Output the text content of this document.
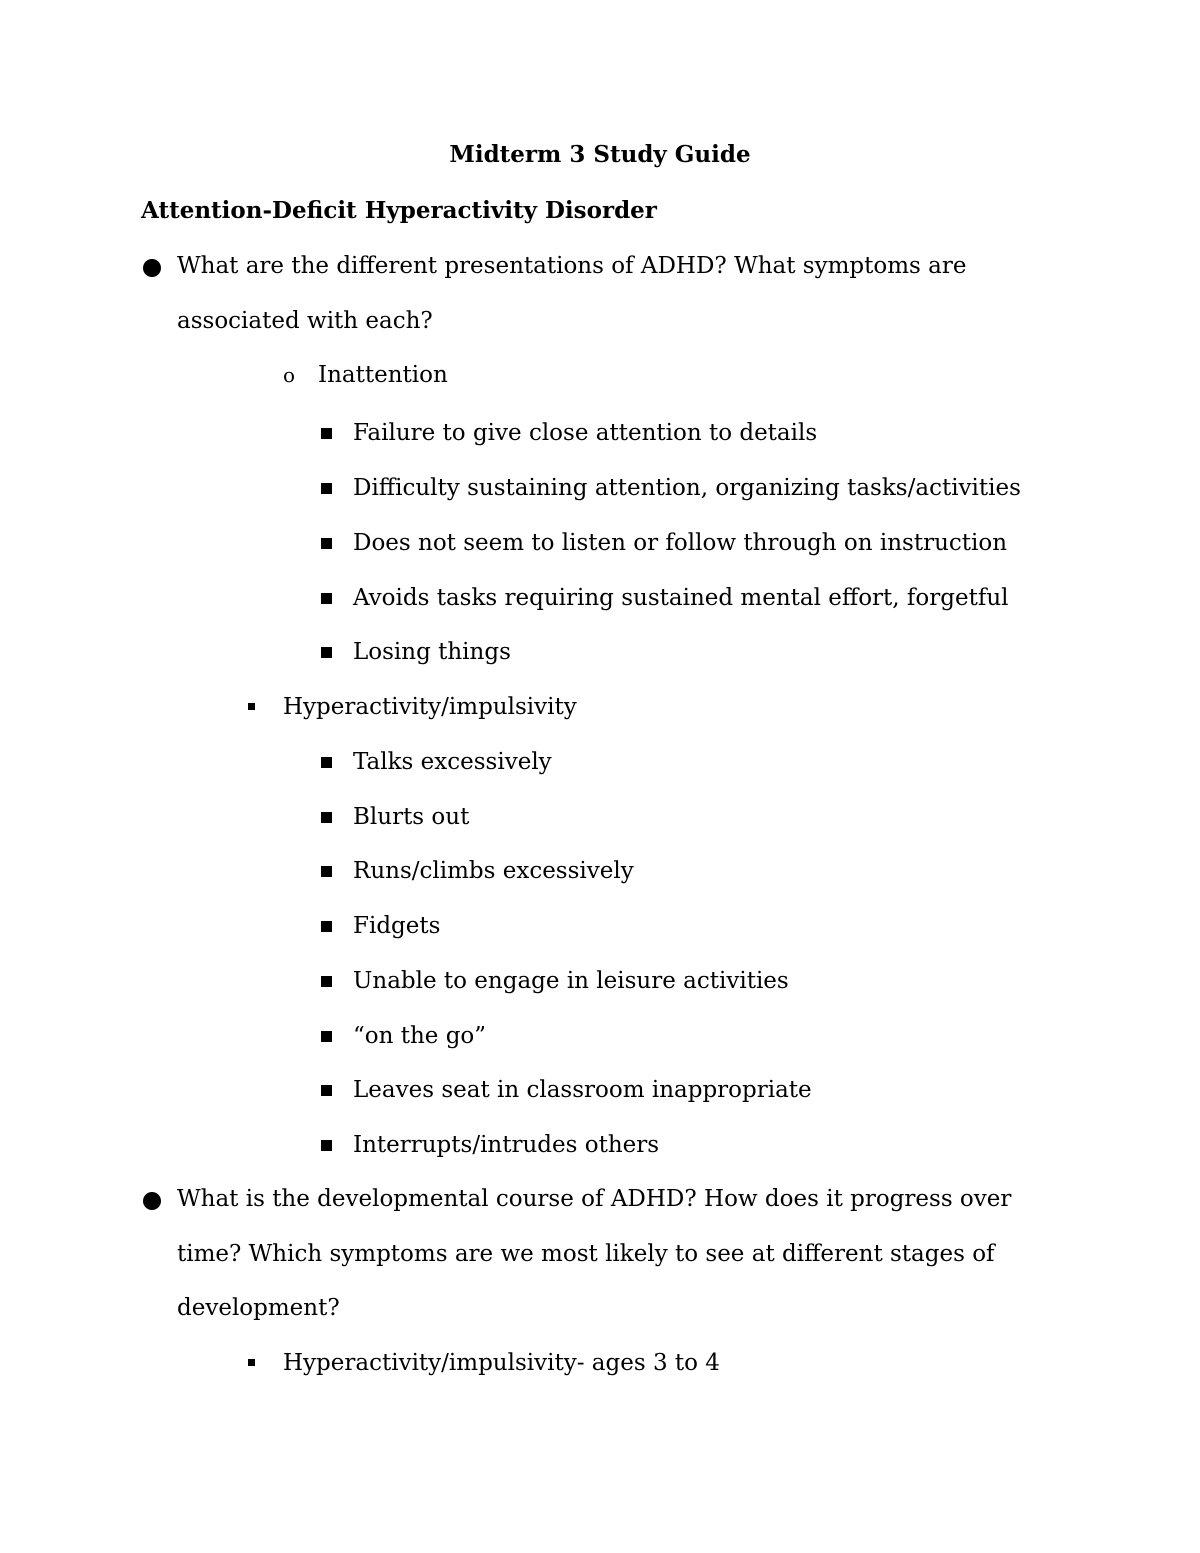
Midterm 3 Study Guide
Attention-Deficit Hyperactivity Disorder
What are the different presentations of ADHD? What symptoms are
associated with each?
o Inattention
Failure to give close attention to details
Difficulty sustaining attention, organizing tasks/activities
Does not seem to listen or follow through on instruction
Avoids tasks requiring sustained mental effort, forgetful
Losing things
Hyperactivity/impulsivity
Talks excessively
Blurts out
Runs/climbs excessively
Fidgets
Unable to engage in leisure activities
“on the go”
Leaves seat in classroom inappropriate
Interrupts/intrudes others
What is the developmental course of ADHD? How does it progress over
time? Which symptoms are we most likely to see at different stages of
development?
Hyperactivity/impulsivity- ages 3 to 4
